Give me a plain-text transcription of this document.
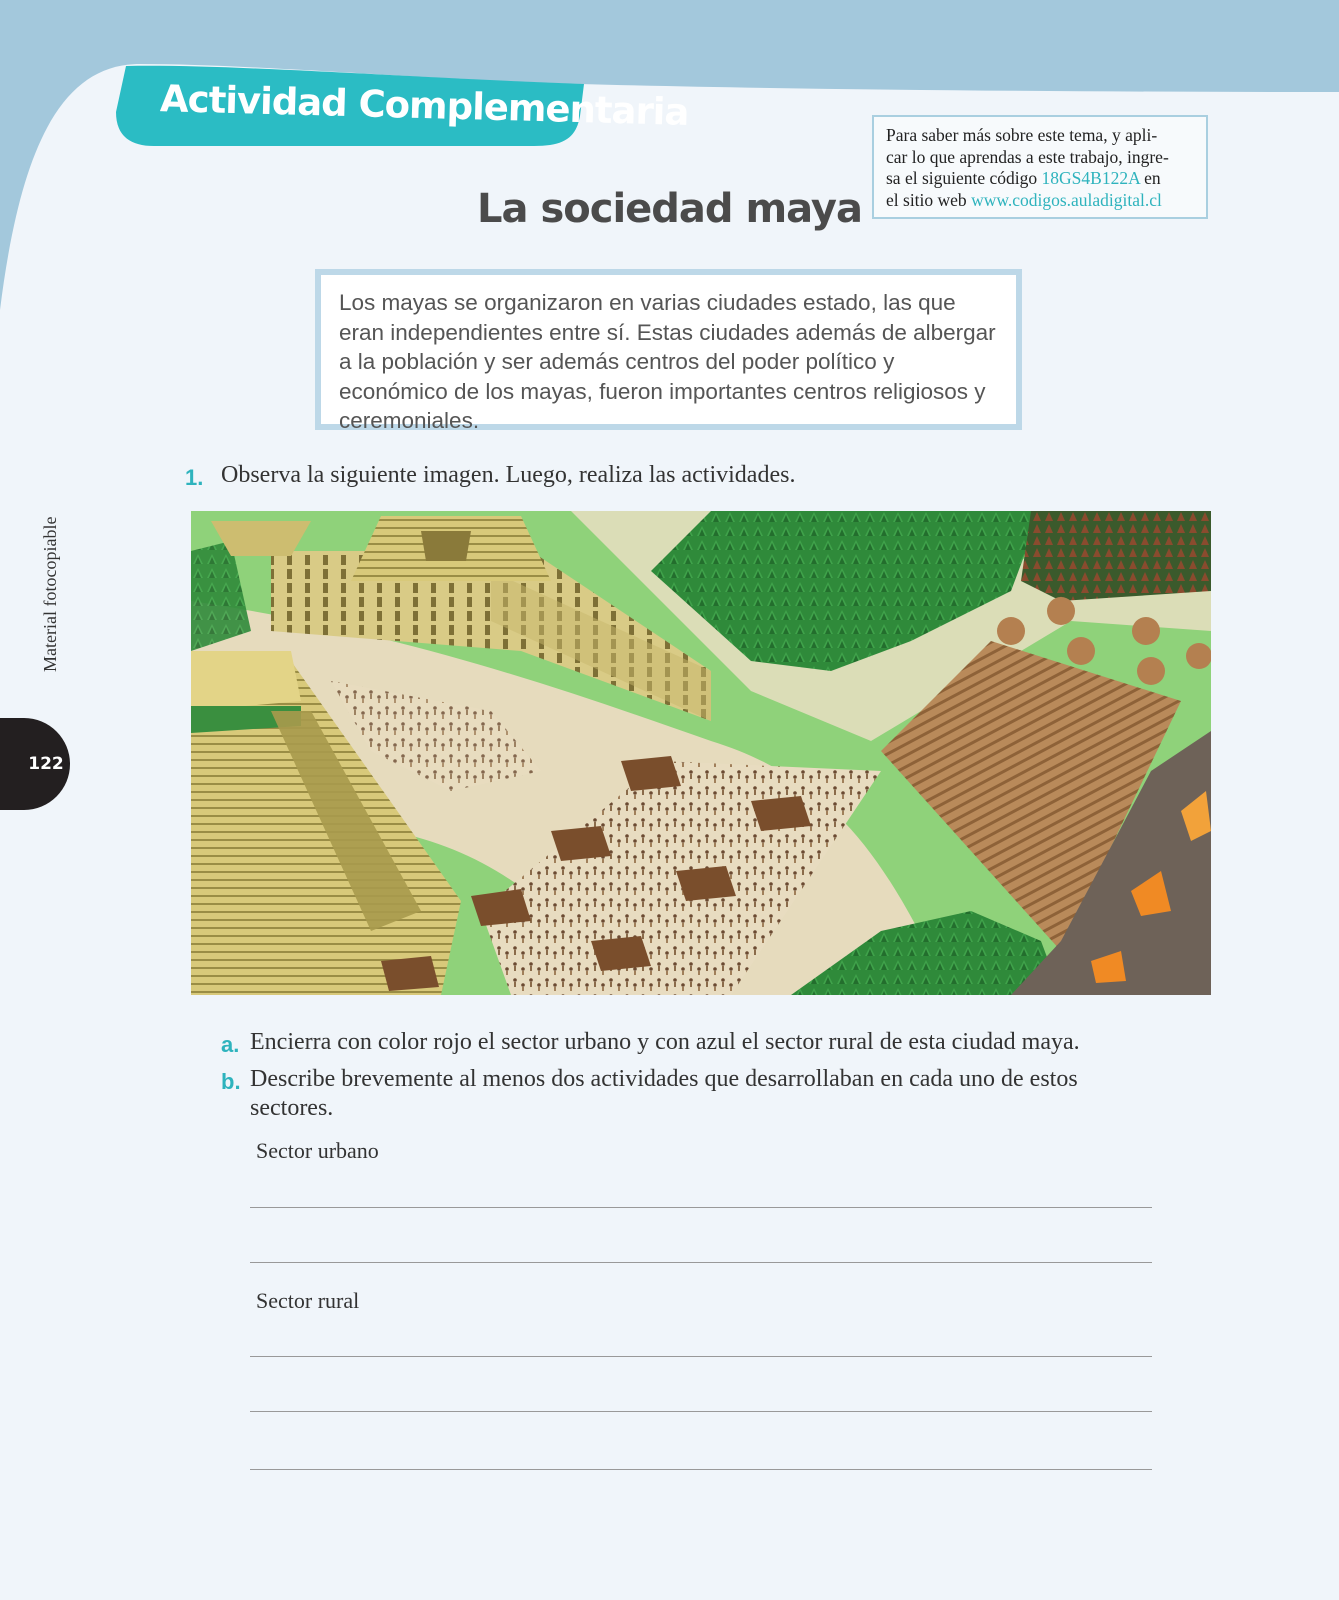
Actividad Complementaria
La sociedad maya
Para saber más sobre este tema, y apli-
car lo que aprendas a este trabajo, ingre-
sa el siguiente código 18GS4B122A en
el sitio web www.codigos.auladigital.cl
Los mayas se organizaron en varias ciudades estado, las que eran independientes entre sí. Estas ciudades además de albergar a la población y ser además centros del poder político y económico de los mayas, fueron importantes centros religiosos y ceremoniales.
Material fotocopiable
122
1. Observa la siguiente imagen. Luego, realiza las actividades.
a. Encierra con color rojo el sector urbano y con azul el sector rural de esta ciudad maya.
b. Describe brevemente al menos dos actividades que desarrollaban en cada uno de estos
sectores.
Sector urbano
Sector rural
